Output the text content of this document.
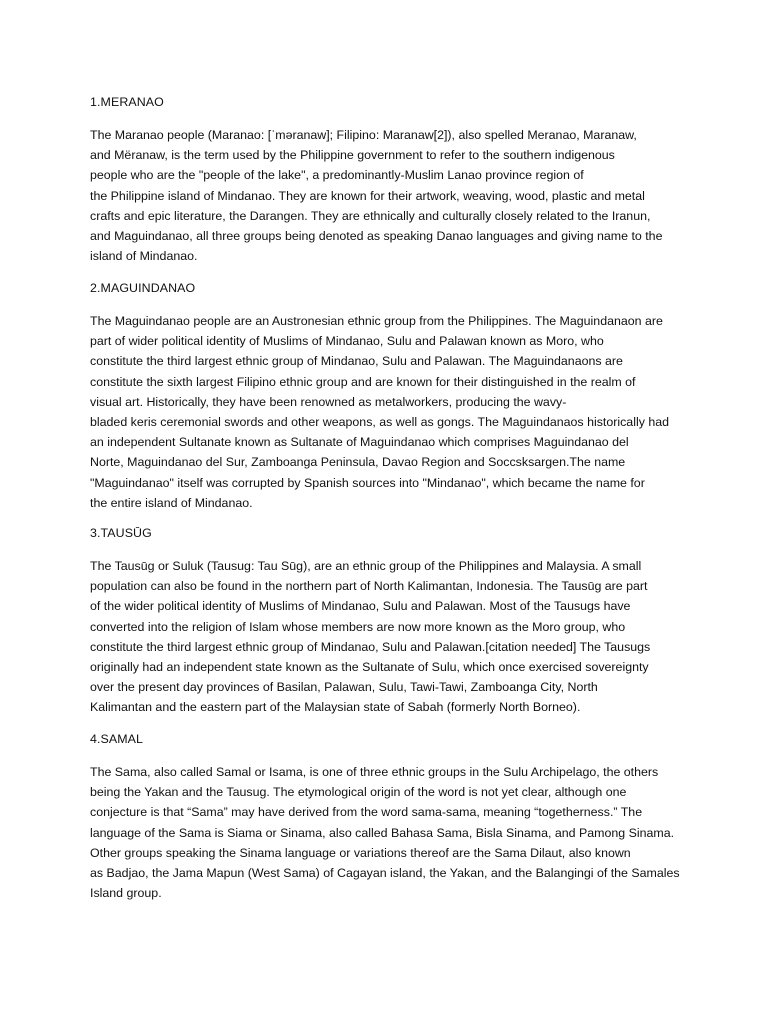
1.MERANAO

The Maranao people (Maranao: [ˈməranaw]; Filipino: Maranaw[2]), also spelled Meranao, Maranaw,
and Mëranaw, is the term used by the Philippine government to refer to the southern indigenous
people who are the "people of the lake", a predominantly-Muslim Lanao province region of
the Philippine island of Mindanao. They are known for their artwork, weaving, wood, plastic and metal
crafts and epic literature, the Darangen. They are ethnically and culturally closely related to the Iranun,
and Maguindanao, all three groups being denoted as speaking Danao languages and giving name to the
island of Mindanao.

2.MAGUINDANAO

The Maguindanao people are an Austronesian ethnic group from the Philippines. The Maguindanaon are
part of wider political identity of Muslims of Mindanao, Sulu and Palawan known as Moro, who
constitute the third largest ethnic group of Mindanao, Sulu and Palawan. The Maguindanaons are
constitute the sixth largest Filipino ethnic group and are known for their distinguished in the realm of
visual art. Historically, they have been renowned as metalworkers, producing the wavy-
bladed keris ceremonial swords and other weapons, as well as gongs. The Maguindanaos historically had
an independent Sultanate known as Sultanate of Maguindanao which comprises Maguindanao del
Norte, Maguindanao del Sur, Zamboanga Peninsula, Davao Region and Soccsksargen.The name
"Maguindanao" itself was corrupted by Spanish sources into "Mindanao", which became the name for
the entire island of Mindanao.

3.TAUSŪG

The Tausūg or Suluk (Tausug: Tau Sūg), are an ethnic group of the Philippines and Malaysia. A small
population can also be found in the northern part of North Kalimantan, Indonesia. The Tausūg are part
of the wider political identity of Muslims of Mindanao, Sulu and Palawan. Most of the Tausugs have
converted into the religion of Islam whose members are now more known as the Moro group, who
constitute the third largest ethnic group of Mindanao, Sulu and Palawan.[citation needed] The Tausugs
originally had an independent state known as the Sultanate of Sulu, which once exercised sovereignty
over the present day provinces of Basilan, Palawan, Sulu, Tawi-Tawi, Zamboanga City, North
Kalimantan and the eastern part of the Malaysian state of Sabah (formerly North Borneo).

4.SAMAL

The Sama, also called Samal or Isama, is one of three ethnic groups in the Sulu Archipelago, the others
being the Yakan and the Tausug. The etymological origin of the word is not yet clear, although one
conjecture is that “Sama” may have derived from the word sama-sama, meaning “togetherness.” The
language of the Sama is Siama or Sinama, also called Bahasa Sama, Bisla Sinama, and Pamong Sinama.
Other groups speaking the Sinama language or variations thereof are the Sama Dilaut, also known
as Badjao, the Jama Mapun (West Sama) of Cagayan island, the Yakan, and the Balangingi of the Samales
Island group.
